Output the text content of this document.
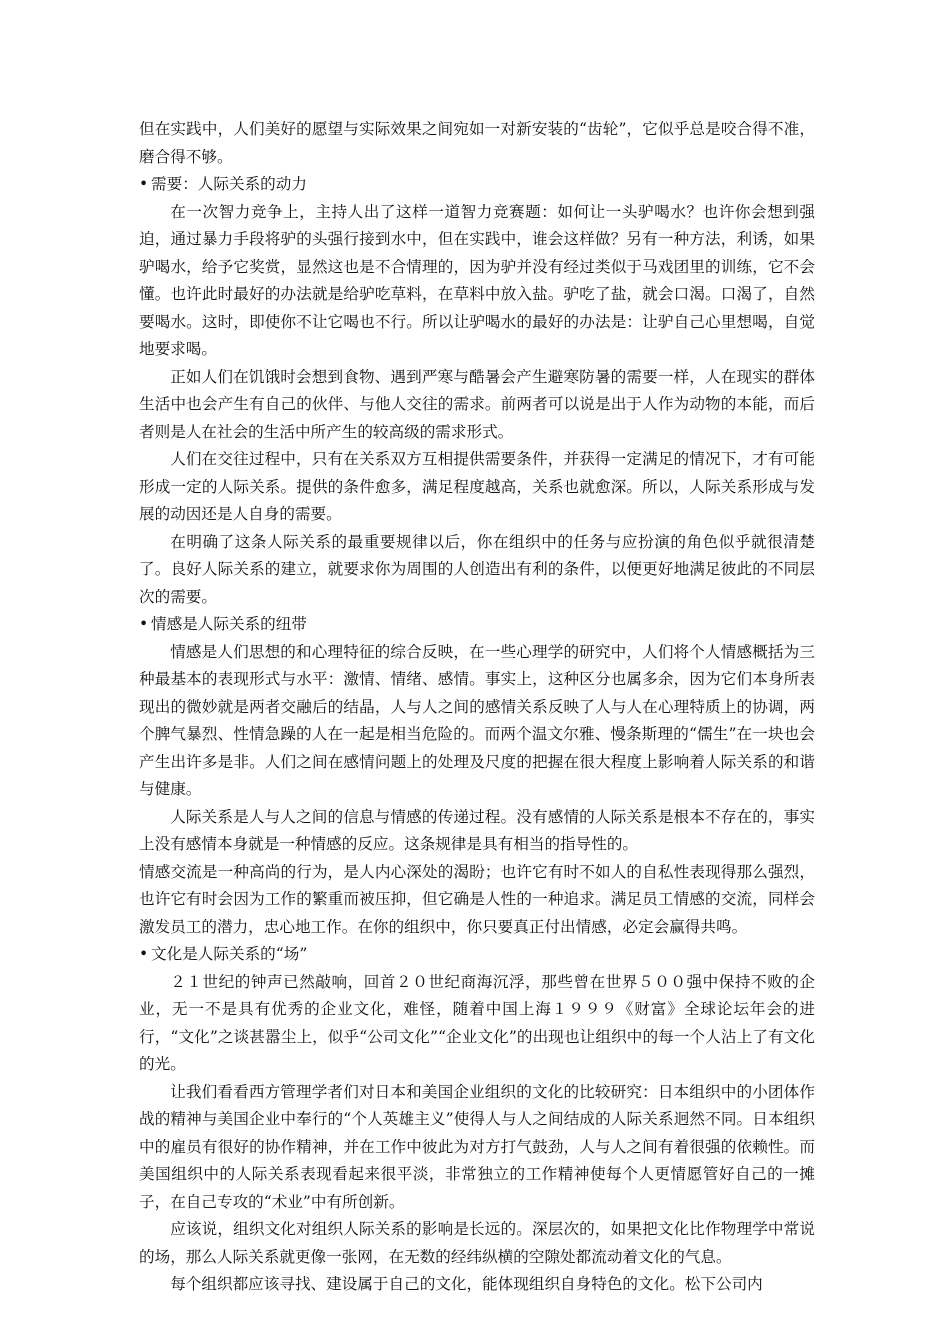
但在实践中，人们美好的愿望与实际效果之间宛如一对新安装的“齿轮”，它似乎总是咬合得不准，磨合得不够。

• 需要：人际关系的动力

在一次智力竞争上，主持人出了这样一道智力竞赛题：如何让一头驴喝水？也许你会想到强迫，通过暴力手段将驴的头强行接到水中，但在实践中，谁会这样做？另有一种方法，利诱，如果驴喝水，给予它奖赏，显然这也是不合情理的，因为驴并没有经过类似于马戏团里的训练，它不会懂。也许此时最好的办法就是给驴吃草料，在草料中放入盐。驴吃了盐，就会口渴。口渴了，自然要喝水。这时，即使你不让它喝也不行。所以让驴喝水的最好的办法是：让驴自己心里想喝，自觉地要求喝。

正如人们在饥饿时会想到食物、遇到严寒与酷暑会产生避寒防暑的需要一样，人在现实的群体生活中也会产生有自己的伙伴、与他人交往的需求。前两者可以说是出于人作为动物的本能，而后者则是人在社会的生活中所产生的较高级的需求形式。

人们在交往过程中，只有在关系双方互相提供需要条件，并获得一定满足的情况下，才有可能形成一定的人际关系。提供的条件愈多，满足程度越高，关系也就愈深。所以，人际关系形成与发展的动因还是人自身的需要。

在明确了这条人际关系的最重要规律以后，你在组织中的任务与应扮演的角色似乎就很清楚了。良好人际关系的建立，就要求你为周围的人创造出有利的条件，以便更好地满足彼此的不同层次的需要。

• 情感是人际关系的纽带

情感是人们思想的和心理特征的综合反映，在一些心理学的研究中，人们将个人情感概括为三种最基本的表现形式与水平：激情、情绪、感情。事实上，这种区分也属多余，因为它们本身所表现出的微妙就是两者交融后的结晶，人与人之间的感情关系反映了人与人在心理特质上的协调，两个脾气暴烈、性情急躁的人在一起是相当危险的。而两个温文尔雅、慢条斯理的“儒生”在一块也会产生出许多是非。人们之间在感情问题上的处理及尺度的把握在很大程度上影响着人际关系的和谐与健康。

人际关系是人与人之间的信息与情感的传递过程。没有感情的人际关系是根本不存在的，事实上没有感情本身就是一种情感的反应。这条规律是具有相当的指导性的。

情感交流是一种高尚的行为，是人内心深处的渴盼；也许它有时不如人的自私性表现得那么强烈，也许它有时会因为工作的繁重而被压抑，但它确是人性的一种追求。满足员工情感的交流，同样会激发员工的潜力，忠心地工作。在你的组织中，你只要真正付出情感，必定会赢得共鸣。

• 文化是人际关系的“场”

２１世纪的钟声已然敲响，回首２０世纪商海沉浮，那些曾在世界５００强中保持不败的企业，无一不是具有优秀的企业文化，难怪，随着中国上海１９９９《财富》全球论坛年会的进行，“文化”之谈甚嚣尘上，似乎“公司文化”“企业文化”的出现也让组织中的每一个人沾上了有文化的光。

让我们看看西方管理学者们对日本和美国企业组织的文化的比较研究：日本组织中的小团体作战的精神与美国企业中奉行的“个人英雄主义”使得人与人之间结成的人际关系迥然不同。日本组织中的雇员有很好的协作精神，并在工作中彼此为对方打气鼓劲，人与人之间有着很强的依赖性。而美国组织中的人际关系表现看起来很平淡，非常独立的工作精神使每个人更情愿管好自己的一摊子，在自己专攻的“术业”中有所创新。

应该说，组织文化对组织人际关系的影响是长远的。深层次的，如果把文化比作物理学中常说的场，那么人际关系就更像一张网，在无数的经纬纵横的空隙处都流动着文化的气息。

每个组织都应该寻找、建设属于自己的文化，能体现组织自身特色的文化。松下公司内
